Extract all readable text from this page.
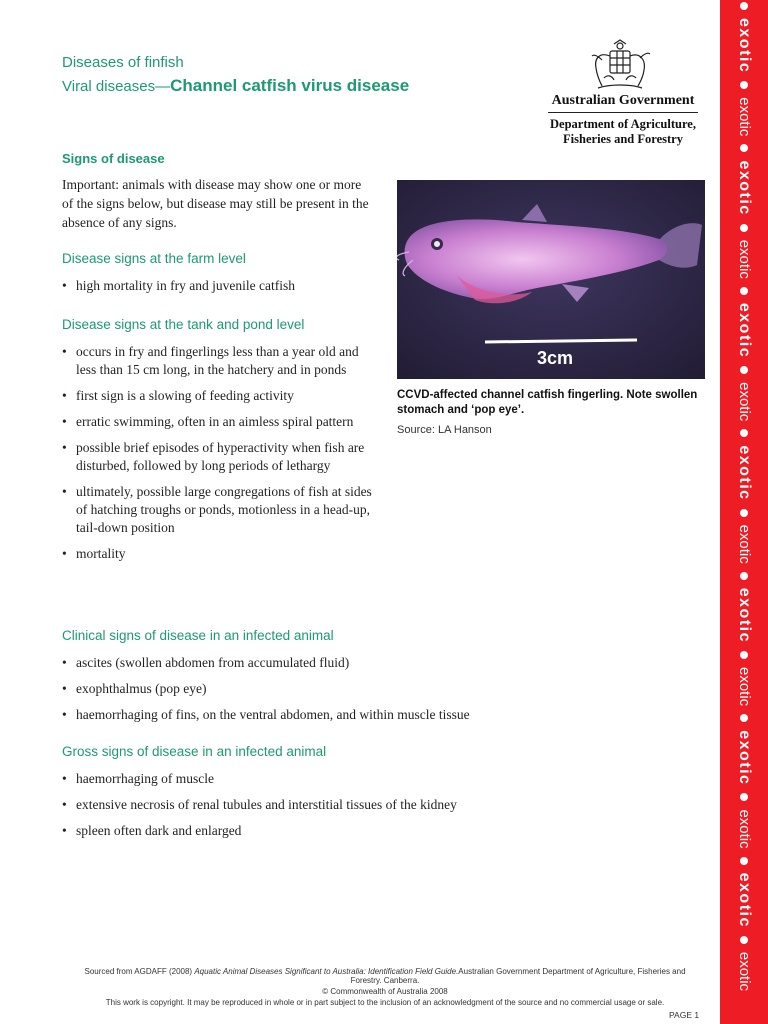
Diseases of finfish
Viral diseases—Channel catfish virus disease
Australian Government
Department of Agriculture,
Fisheries and Forestry
Signs of disease
Important: animals with disease may show one or more of the signs below, but disease may still be present in the absence of any signs.
Disease signs at the farm level
• high mortality in fry and juvenile catfish
Disease signs at the tank and pond level
• occurs in fry and fingerlings less than a year old and less than 15 cm long, in the hatchery and in ponds
• first sign is a slowing of feeding activity
• erratic swimming, often in an aimless spiral pattern
• possible brief episodes of hyperactivity when fish are disturbed, followed by long periods of lethargy
• ultimately, possible large congregations of fish at sides of hatching troughs or ponds, motionless in a head-up, tail-down position
• mortality
Clinical signs of disease in an infected animal
• ascites (swollen abdomen from accumulated fluid)
• exophthalmus (pop eye)
• haemorrhaging of fins, on the ventral abdomen, and within muscle tissue
Gross signs of disease in an infected animal
• haemorrhaging of muscle
• extensive necrosis of renal tubules and interstitial tissues of the kidney
• spleen often dark and enlarged
3cm
CCVD-affected channel catfish fingerling. Note swollen stomach and ‘pop eye’.
Source: LA Hanson
Sourced from AGDAFF (2008) Aquatic Animal Diseases Significant to Australia: Identification Field Guide.Australian Government Department of Agriculture, Fisheries and Forestry. Canberra.
© Commonwealth of Australia 2008
This work is copyright. It may be reproduced in whole or in part subject to the inclusion of an acknowledgment of the source and no commercial usage or sale.
PAGE 1
exoticexoticexoticexoticexoticexoticexoticexoticexoticexoticexoticexoticexoticexotic
